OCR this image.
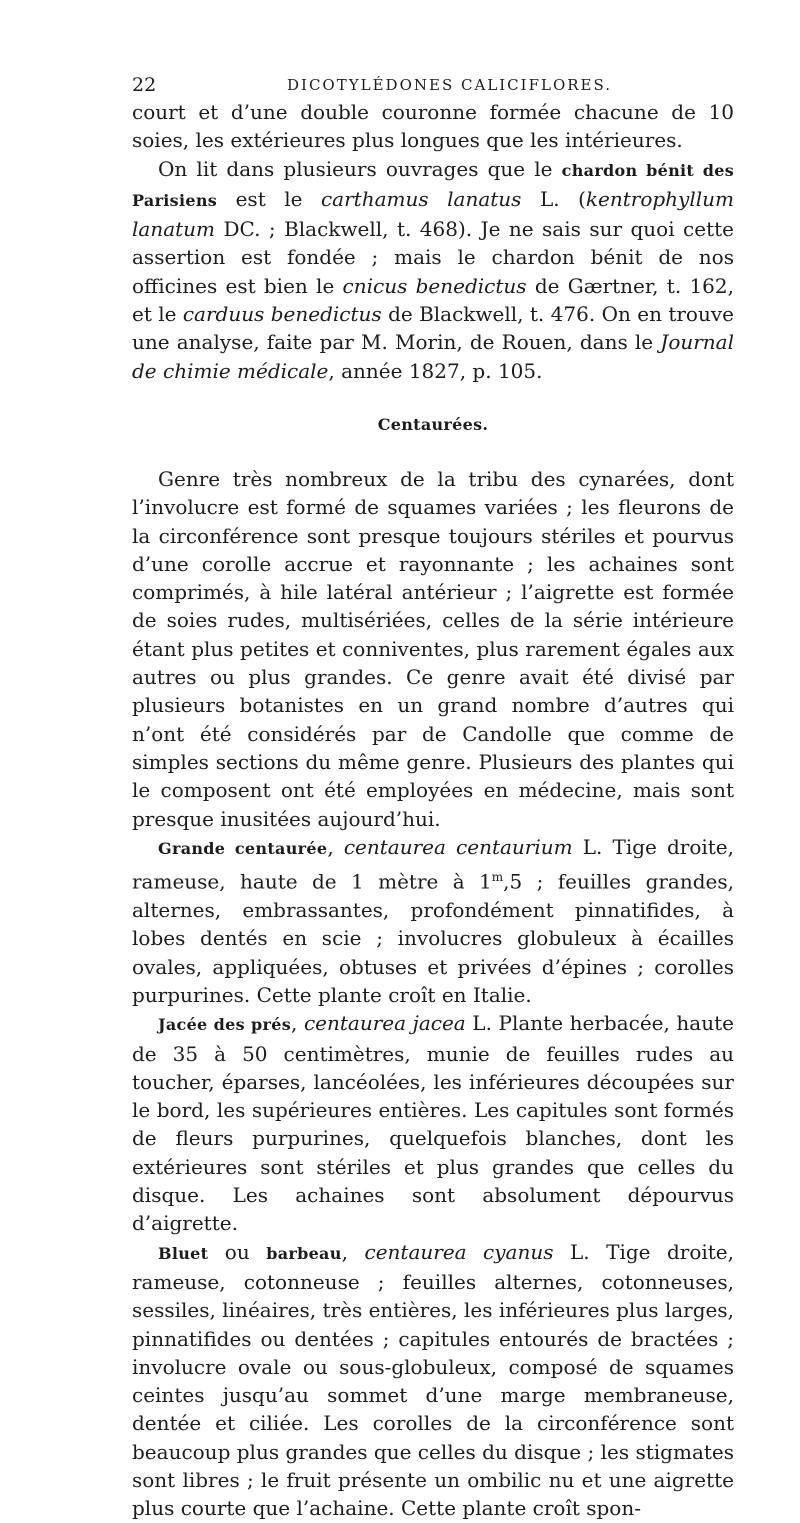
22	DICOTYLÉDONES CALICIFLORES.

court et d’une double couronne formée chacune de 10 soies, les extérieures plus longues que les intérieures.

On lit dans plusieurs ouvrages que le chardon bénit des Parisiens est le carthamus lanatus L. (kentrophyllum lanatum DC. ; Blackwell, t. 468). Je ne sais sur quoi cette assertion est fondée ; mais le chardon bénit de nos officines est bien le cnicus benedictus de Gærtner, t. 162, et le carduus benedictus de Blackwell, t. 476. On en trouve une analyse, faite par M. Morin, de Rouen, dans le Journal de chimie médicale, année 1827, p. 105.

Centaurées.

Genre très nombreux de la tribu des cynarées, dont l’involucre est formé de squames variées ; les fleurons de la circonférence sont presque toujours stériles et pourvus d’une corolle accrue et rayonnante ; les achaines sont comprimés, à hile latéral antérieur ; l’aigrette est formée de soies rudes, multisériées, celles de la série intérieure étant plus petites et conniventes, plus rarement égales aux autres ou plus grandes. Ce genre avait été divisé par plusieurs botanistes en un grand nombre d’autres qui n’ont été considérés par de Candolle que comme de simples sections du même genre. Plusieurs des plantes qui le composent ont été employées en médecine, mais sont presque inusitées aujourd’hui.

Grande centaurée, centaurea centaurium L. Tige droite, rameuse, haute de 1 mètre à 1$^m$,5 ; feuilles grandes, alternes, embrassantes, profondément pinnatifides, à lobes dentés en scie ; involucres globuleux à écailles ovales, appliquées, obtuses et privées d’épines ; corolles purpurines. Cette plante croît en Italie.

Jacée des prés, centaurea jacea L. Plante herbacée, haute de 35 à 50 centimètres, munie de feuilles rudes au toucher, éparses, lancéolées, les inférieures découpées sur le bord, les supérieures entières. Les capitules sont formés de fleurs purpurines, quelquefois blanches, dont les extérieures sont stériles et plus grandes que celles du disque. Les achaines sont absolument dépourvus d’aigrette.

Bluet ou barbeau, centaurea cyanus L. Tige droite, rameuse, cotonneuse ; feuilles alternes, cotonneuses, sessiles, linéaires, très entières, les inférieures plus larges, pinnatifides ou dentées ; capitules entourés de bractées ; involucre ovale ou sous-globuleux, composé de squames ceintes jusqu’au sommet d’une marge membraneuse, dentée et ciliée. Les corolles de la circonférence sont beaucoup plus grandes que celles du disque ; les stigmates sont libres ; le fruit présente un ombilic nu et une aigrette plus courte que l’achaine. Cette plante croît spon-
